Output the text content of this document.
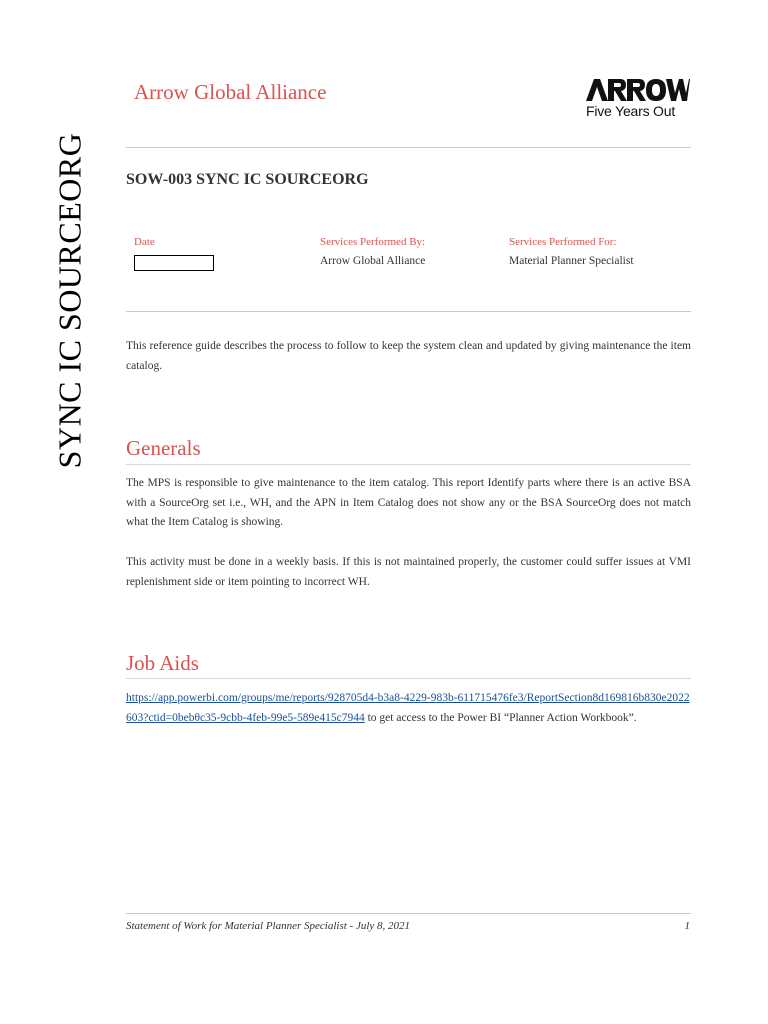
SYNC IC SOURCEORG
Arrow Global Alliance
Five Years Out
SOW-003 SYNC IC SOURCEORG
Date	Services Performed By:
Arrow Global Alliance
Services Performed For:
Material Planner Specialist

This reference guide describes the process to follow to keep the system clean and updated by giving maintenance the item catalog.

Generals

The MPS is responsible to give maintenance to the item catalog. This report Identify parts where there is an active BSA with a SourceOrg set i.e., WH, and the APN in Item Catalog does not show any or the BSA SourceOrg does not match what the Item Catalog is showing.

This activity must be done in a weekly basis. If this is not maintained properly, the customer could suffer issues at VMI replenishment side or item pointing to incorrect WH.

Job Aids

https://app.powerbi.com/groups/me/reports/928705d4-b3a8-4229-983b-611715476fe3/ReportSection8d169816b830e2022603?ctid=0bebθc35-9cbb-4feb-99e5-589e415c7944 to get access to the Power BI “Planner Action Workbook”.

Statement of Work for Material Planner Specialist - July 8, 2021	1
